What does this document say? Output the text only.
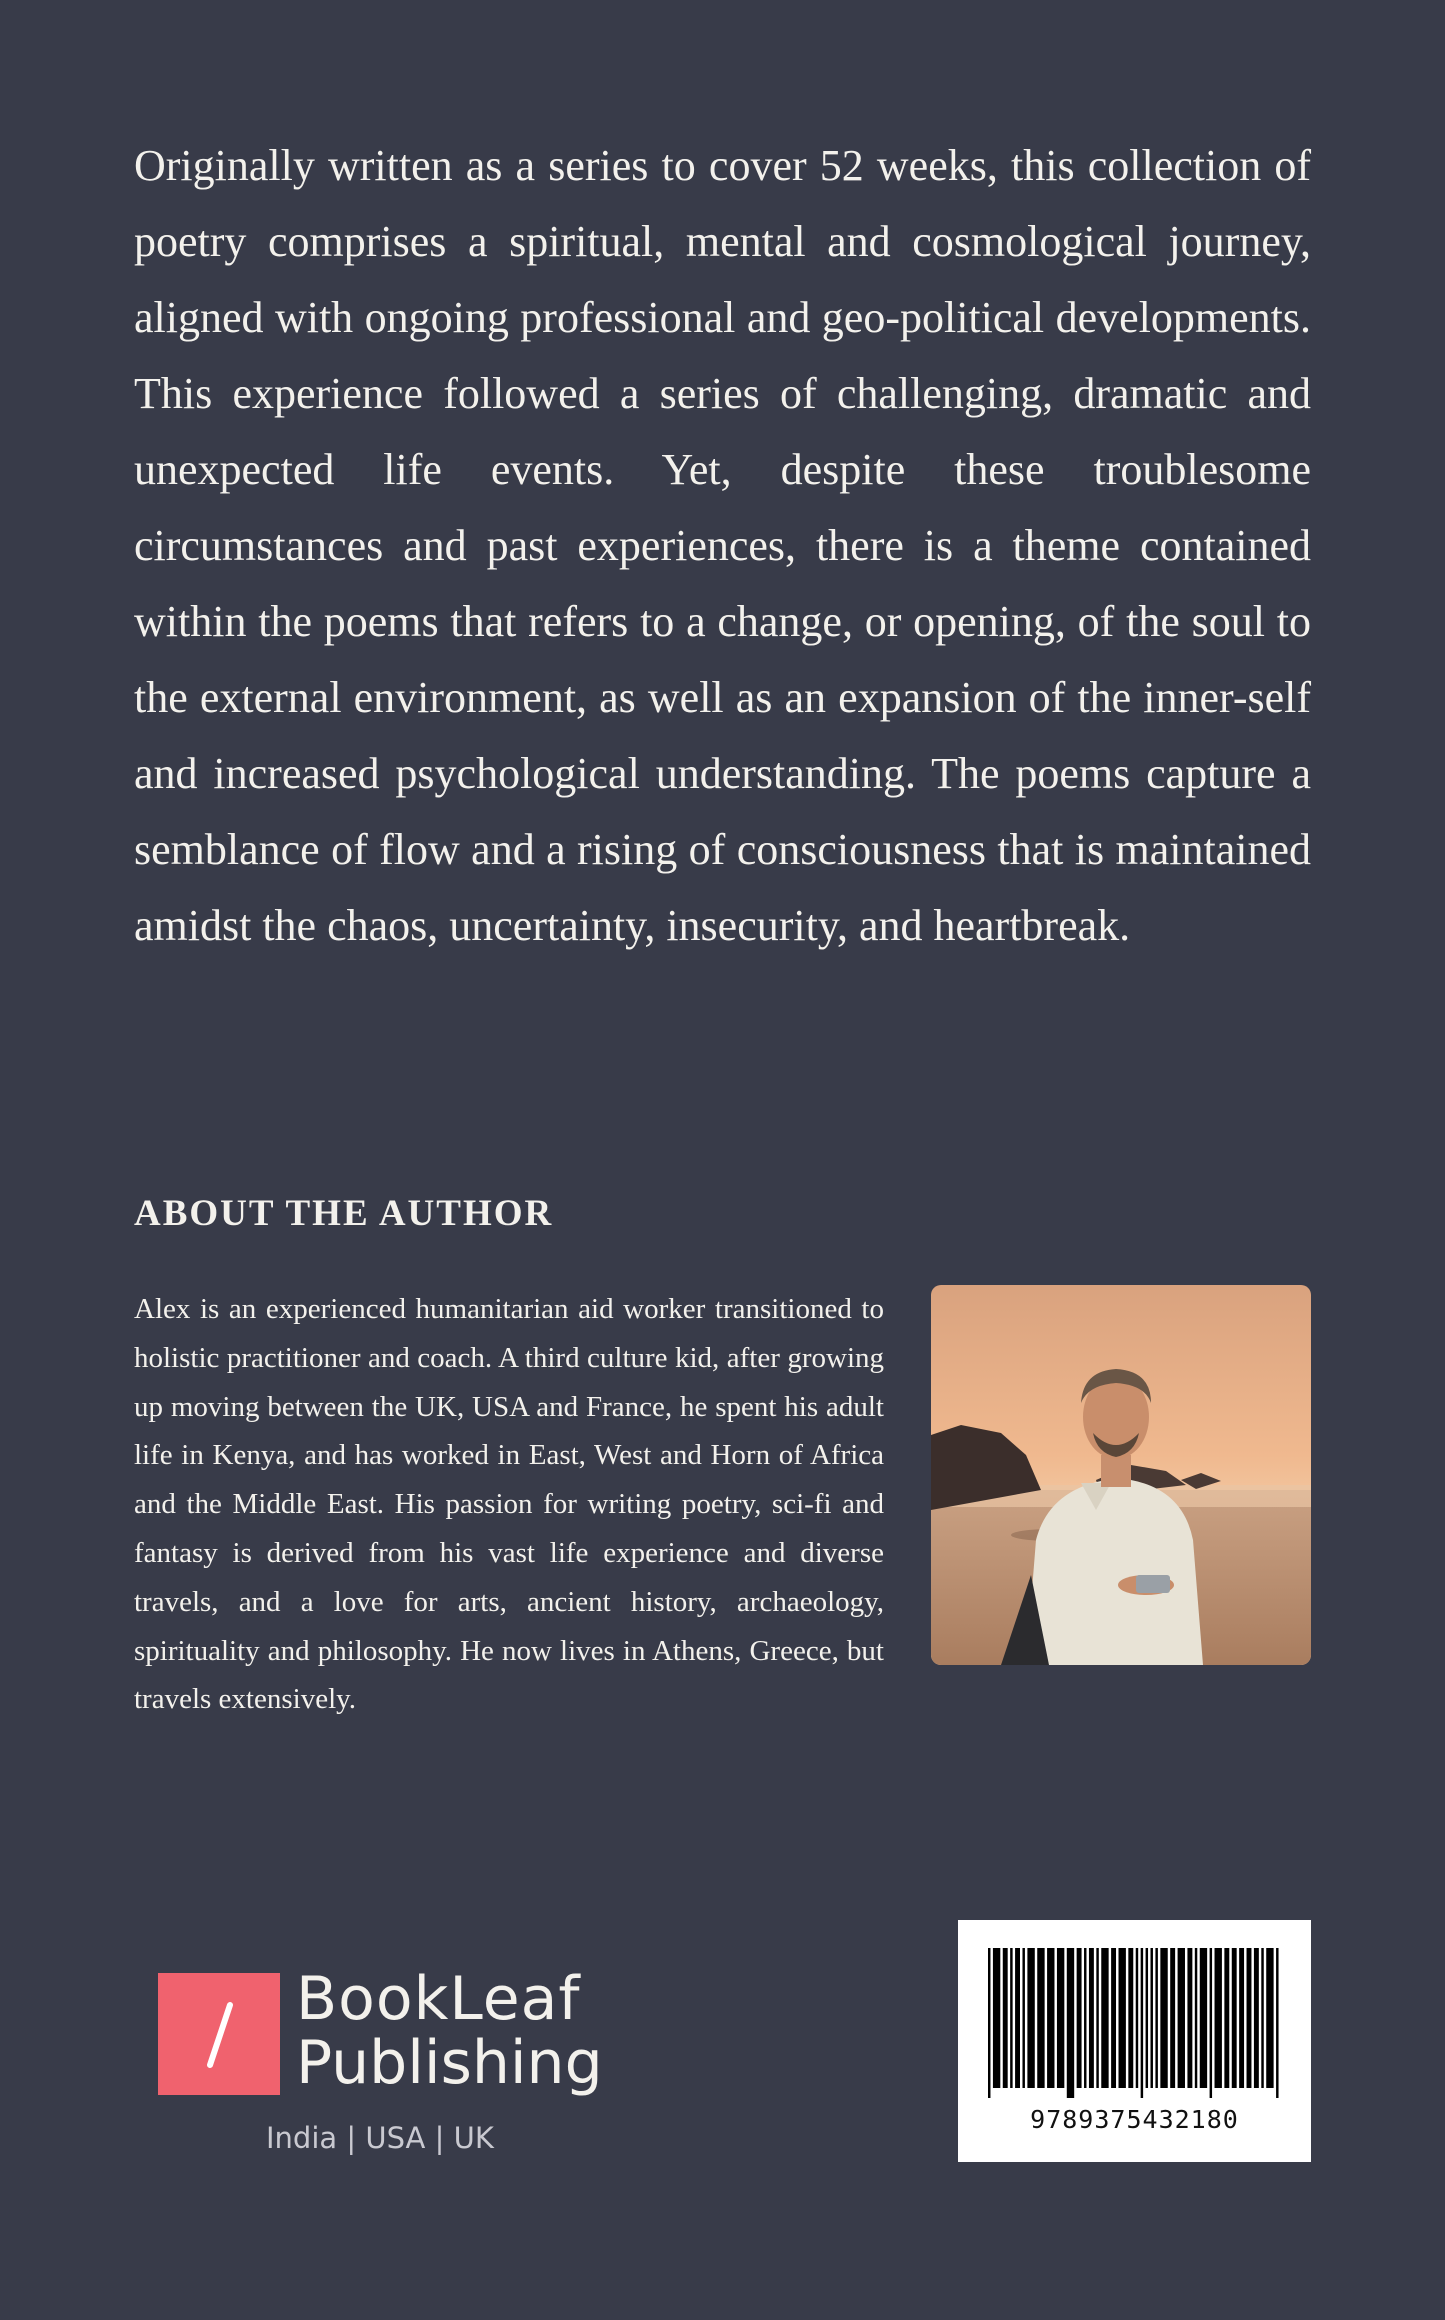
Originally written as a series to cover 52 weeks, this collection of poetry comprises a spiritual, mental and cosmological journey, aligned with ongoing professional and geo-political developments. This experience followed a series of challenging, dramatic and unexpected life events. Yet, despite these troublesome circumstances and past experiences, there is a theme contained within the poems that refers to a change, or opening, of the soul to the external environment, as well as an expansion of the inner-self and increased psychological understanding. The poems capture a semblance of flow and a rising of consciousness that is maintained amidst the chaos, uncertainty, insecurity, and heartbreak.

ABOUT THE AUTHOR

Alex is an experienced humanitarian aid worker transitioned to holistic practitioner and coach. A third culture kid, after growing up moving between the UK, USA and France, he spent his adult life in Kenya, and has worked in East, West and Horn of Africa and the Middle East. His passion for writing poetry, sci-fi and fantasy is derived from his vast life experience and diverse travels, and a love for arts, ancient history, archaeology, spirituality and philosophy. He now lives in Athens, Greece, but travels extensively.

BookLeaf
Publishing
India | USA | UK
9789375432180
